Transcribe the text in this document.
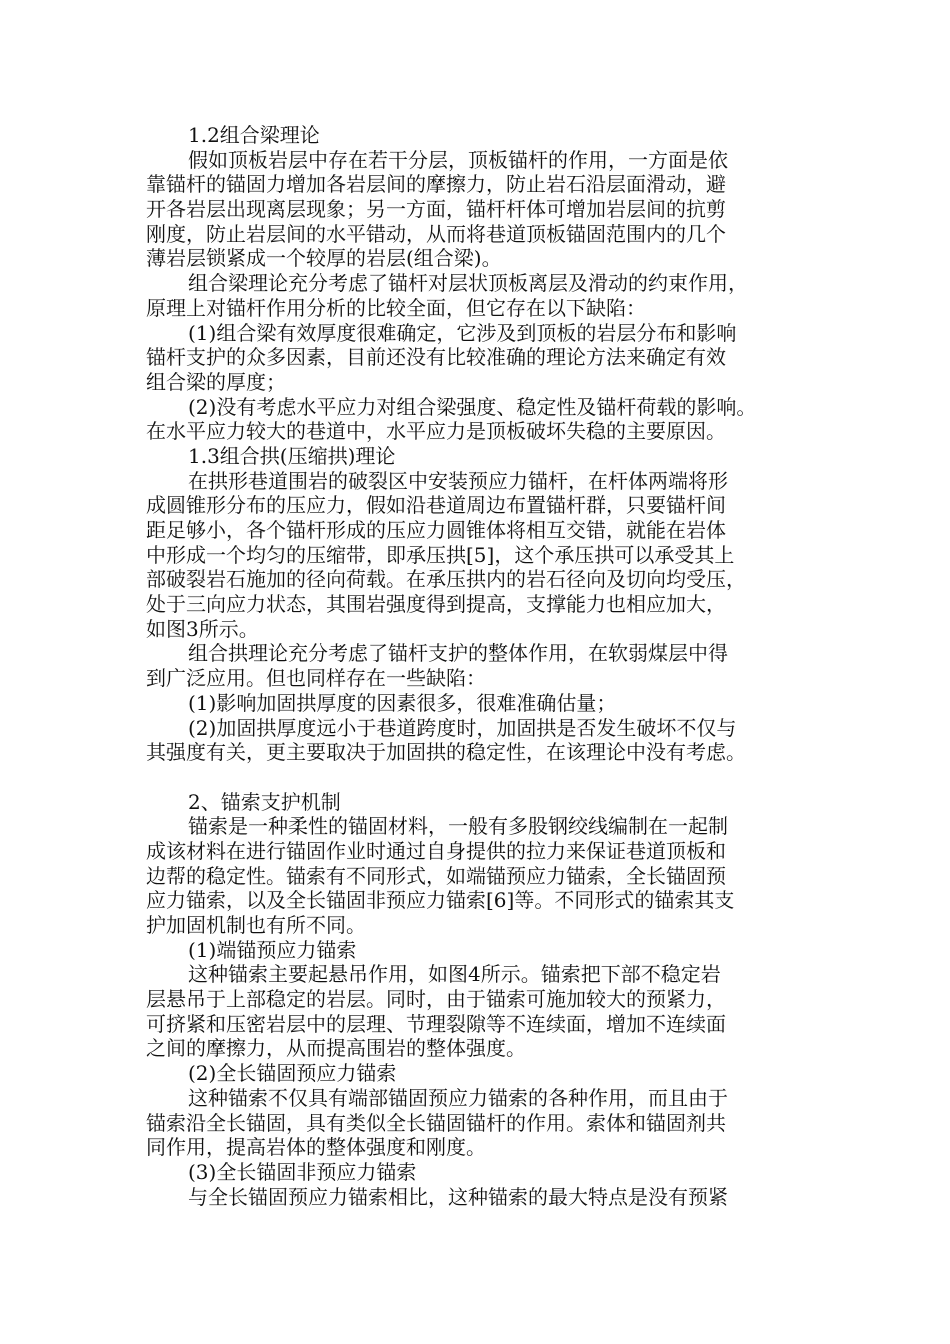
1.2组合梁理论
假如顶板岩层中存在若干分层，顶板锚杆的作用，一方面是依
靠锚杆的锚固力增加各岩层间的摩擦力，防止岩石沿层面滑动，避
开各岩层出现离层现象；另一方面，锚杆杆体可增加岩层间的抗剪
刚度，防止岩层间的水平错动，从而将巷道顶板锚固范围内的几个
薄岩层锁紧成一个较厚的岩层(组合梁)。
组合梁理论充分考虑了锚杆对层状顶板离层及滑动的约束作用，
原理上对锚杆作用分析的比较全面，但它存在以下缺陷：
(1)组合梁有效厚度很难确定，它涉及到顶板的岩层分布和影响
锚杆支护的众多因素，目前还没有比较准确的理论方法来确定有效
组合梁的厚度；
(2)没有考虑水平应力对组合梁强度、稳定性及锚杆荷载的影响。
在水平应力较大的巷道中，水平应力是顶板破坏失稳的主要原因。
1.3组合拱(压缩拱)理论
在拱形巷道围岩的破裂区中安装预应力锚杆，在杆体两端将形
成圆锥形分布的压应力，假如沿巷道周边布置锚杆群，只要锚杆间
距足够小，各个锚杆形成的压应力圆锥体将相互交错，就能在岩体
中形成一个均匀的压缩带，即承压拱[5]，这个承压拱可以承受其上
部破裂岩石施加的径向荷载。在承压拱内的岩石径向及切向均受压，
处于三向应力状态，其围岩强度得到提高，支撑能力也相应加大，
如图3所示。
组合拱理论充分考虑了锚杆支护的整体作用，在软弱煤层中得
到广泛应用。但也同样存在一些缺陷：
(1)影响加固拱厚度的因素很多，很难准确估量；
(2)加固拱厚度远小于巷道跨度时，加固拱是否发生破坏不仅与
其强度有关，更主要取决于加固拱的稳定性，在该理论中没有考虑。
2、锚索支护机制
锚索是一种柔性的锚固材料，一般有多股钢绞线编制在一起制
成该材料在进行锚固作业时通过自身提供的拉力来保证巷道顶板和
边帮的稳定性。锚索有不同形式，如端锚预应力锚索，全长锚固预
应力锚索，以及全长锚固非预应力锚索[6]等。不同形式的锚索其支
护加固机制也有所不同。
(1)端锚预应力锚索
这种锚索主要起悬吊作用，如图4所示。锚索把下部不稳定岩
层悬吊于上部稳定的岩层。同时，由于锚索可施加较大的预紧力，
可挤紧和压密岩层中的层理、节理裂隙等不连续面，增加不连续面
之间的摩擦力，从而提高围岩的整体强度。
(2)全长锚固预应力锚索
这种锚索不仅具有端部锚固预应力锚索的各种作用，而且由于
锚索沿全长锚固，具有类似全长锚固锚杆的作用。索体和锚固剂共
同作用，提高岩体的整体强度和刚度。
(3)全长锚固非预应力锚索
与全长锚固预应力锚索相比，这种锚索的最大特点是没有预紧
